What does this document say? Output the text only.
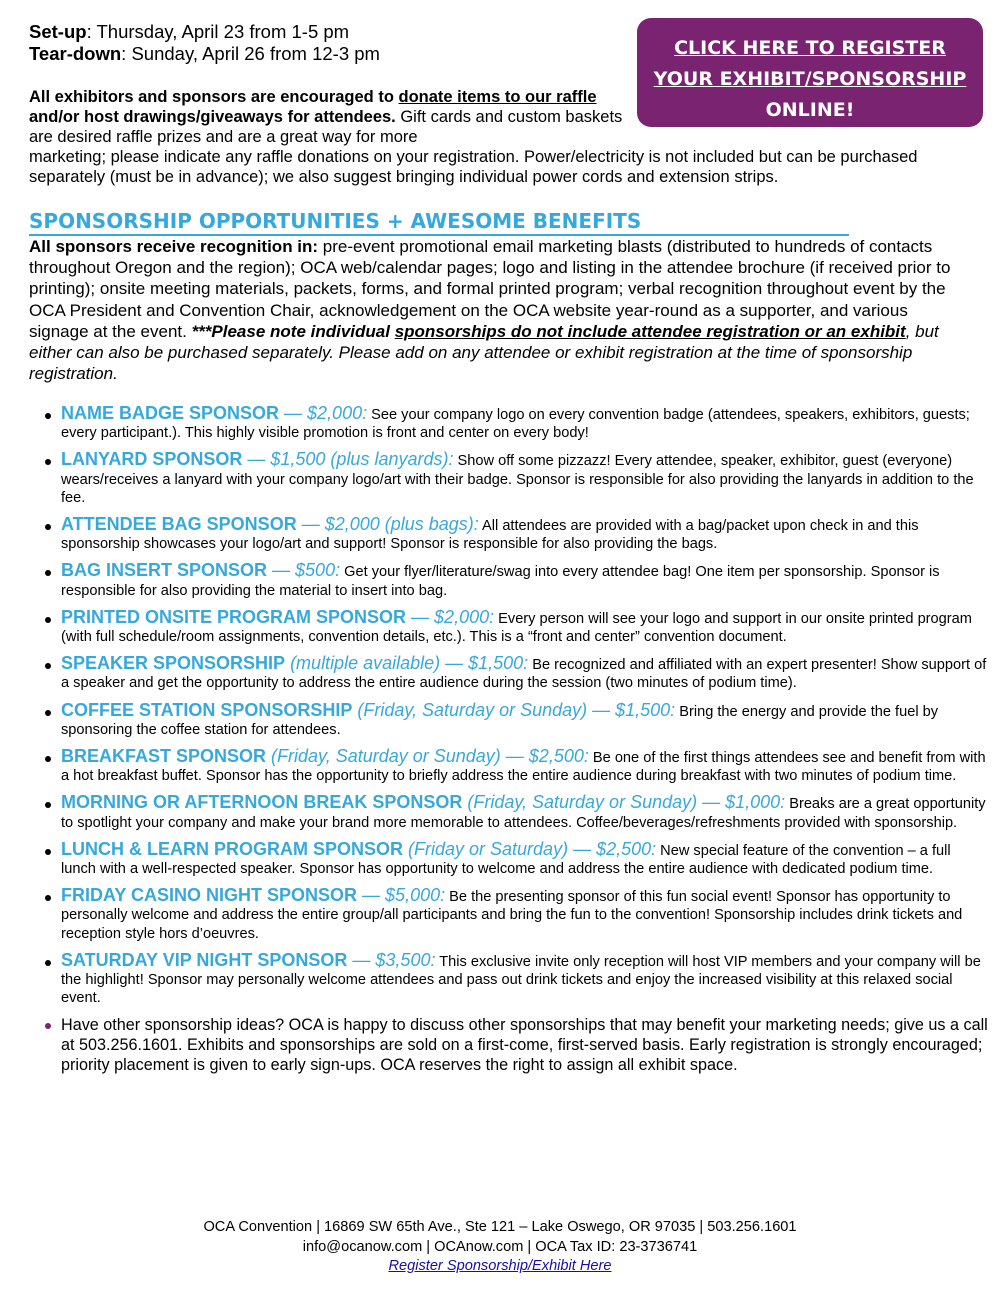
Set-up: Thursday, April 23 from 1-5 pm
Tear-down: Sunday, April 26 from 12-3 pm	CLICK HERE TO REGISTER
YOUR EXHIBIT/SPONSORSHIP
ONLINE!
All exhibitors and sponsors are encouraged to donate items to our raffle and/or host drawings/giveaways for attendees. Gift cards and custom baskets are desired raffle prizes and are a great way for more
marketing; please indicate any raffle donations on your registration. Power/electricity is not included but can be purchased separately (must be in advance); we also suggest bringing individual power cords and extension strips.
SPONSORSHIP OPPORTUNITIES + AWESOME BENEFITS
All sponsors receive recognition in: pre-event promotional email marketing blasts (distributed to hundreds of contacts throughout Oregon and the region); OCA web/calendar pages; logo and listing in the attendee brochure (if received prior to printing); onsite meeting materials, packets, forms, and formal printed program; verbal recognition throughout event by the OCA President and Convention Chair, acknowledgement on the OCA website year-round as a supporter, and various signage at the event. ***Please note individual sponsorships do not include attendee registration or an exhibit, but either can also be purchased separately. Please add on any attendee or exhibit registration at the time of sponsorship registration.
NAME BADGE SPONSOR — $2,000: See your company logo on every convention badge (attendees, speakers, exhibitors, guests; every participant.). This highly visible promotion is front and center on every body!
LANYARD SPONSOR — $1,500 (plus lanyards): Show off some pizzazz! Every attendee, speaker, exhibitor, guest (everyone) wears/receives a lanyard with your company logo/art with their badge. Sponsor is responsible for also providing the lanyards in addition to the fee.
ATTENDEE BAG SPONSOR — $2,000 (plus bags): All attendees are provided with a bag/packet upon check in and this sponsorship showcases your logo/art and support! Sponsor is responsible for also providing the bags.
BAG INSERT SPONSOR — $500: Get your flyer/literature/swag into every attendee bag! One item per sponsorship. Sponsor is responsible for also providing the material to insert into bag.
PRINTED ONSITE PROGRAM SPONSOR — $2,000: Every person will see your logo and support in our onsite printed program (with full schedule/room assignments, convention details, etc.). This is a “front and center” convention document.
SPEAKER SPONSORSHIP (multiple available) — $1,500: Be recognized and affiliated with an expert presenter! Show support of a speaker and get the opportunity to address the entire audience during the session (two minutes of podium time).
COFFEE STATION SPONSORSHIP (Friday, Saturday or Sunday) — $1,500: Bring the energy and provide the fuel by sponsoring the coffee station for attendees.
BREAKFAST SPONSOR (Friday, Saturday or Sunday) — $2,500: Be one of the first things attendees see and benefit from with a hot breakfast buffet. Sponsor has the opportunity to briefly address the entire audience during breakfast with two minutes of podium time.
MORNING OR AFTERNOON BREAK SPONSOR (Friday, Saturday or Sunday) — $1,000: Breaks are a great opportunity to spotlight your company and make your brand more memorable to attendees. Coffee/beverages/refreshments provided with sponsorship.
LUNCH & LEARN PROGRAM SPONSOR (Friday or Saturday) — $2,500: New special feature of the convention – a full lunch with a well-respected speaker. Sponsor has opportunity to welcome and address the entire audience with dedicated podium time.
FRIDAY CASINO NIGHT SPONSOR — $5,000: Be the presenting sponsor of this fun social event! Sponsor has opportunity to personally welcome and address the entire group/all participants and bring the fun to the convention! Sponsorship includes drink tickets and reception style hors d’oeuvres.
SATURDAY VIP NIGHT SPONSOR — $3,500: This exclusive invite only reception will host VIP members and your company will be the highlight! Sponsor may personally welcome attendees and pass out drink tickets and enjoy the increased visibility at this relaxed social event.
Have other sponsorship ideas? OCA is happy to discuss other sponsorships that may benefit your marketing needs; give us a call at 503.256.1601. Exhibits and sponsorships are sold on a first-come, first-served basis. Early registration is strongly encouraged; priority placement is given to early sign-ups. OCA reserves the right to assign all exhibit space.
OCA Convention | 16869 SW 65th Ave., Ste 121 – Lake Oswego, OR 97035 | 503.256.1601
info@ocanow.com | OCAnow.com | OCA Tax ID: 23-3736741
Register Sponsorship/Exhibit Here
